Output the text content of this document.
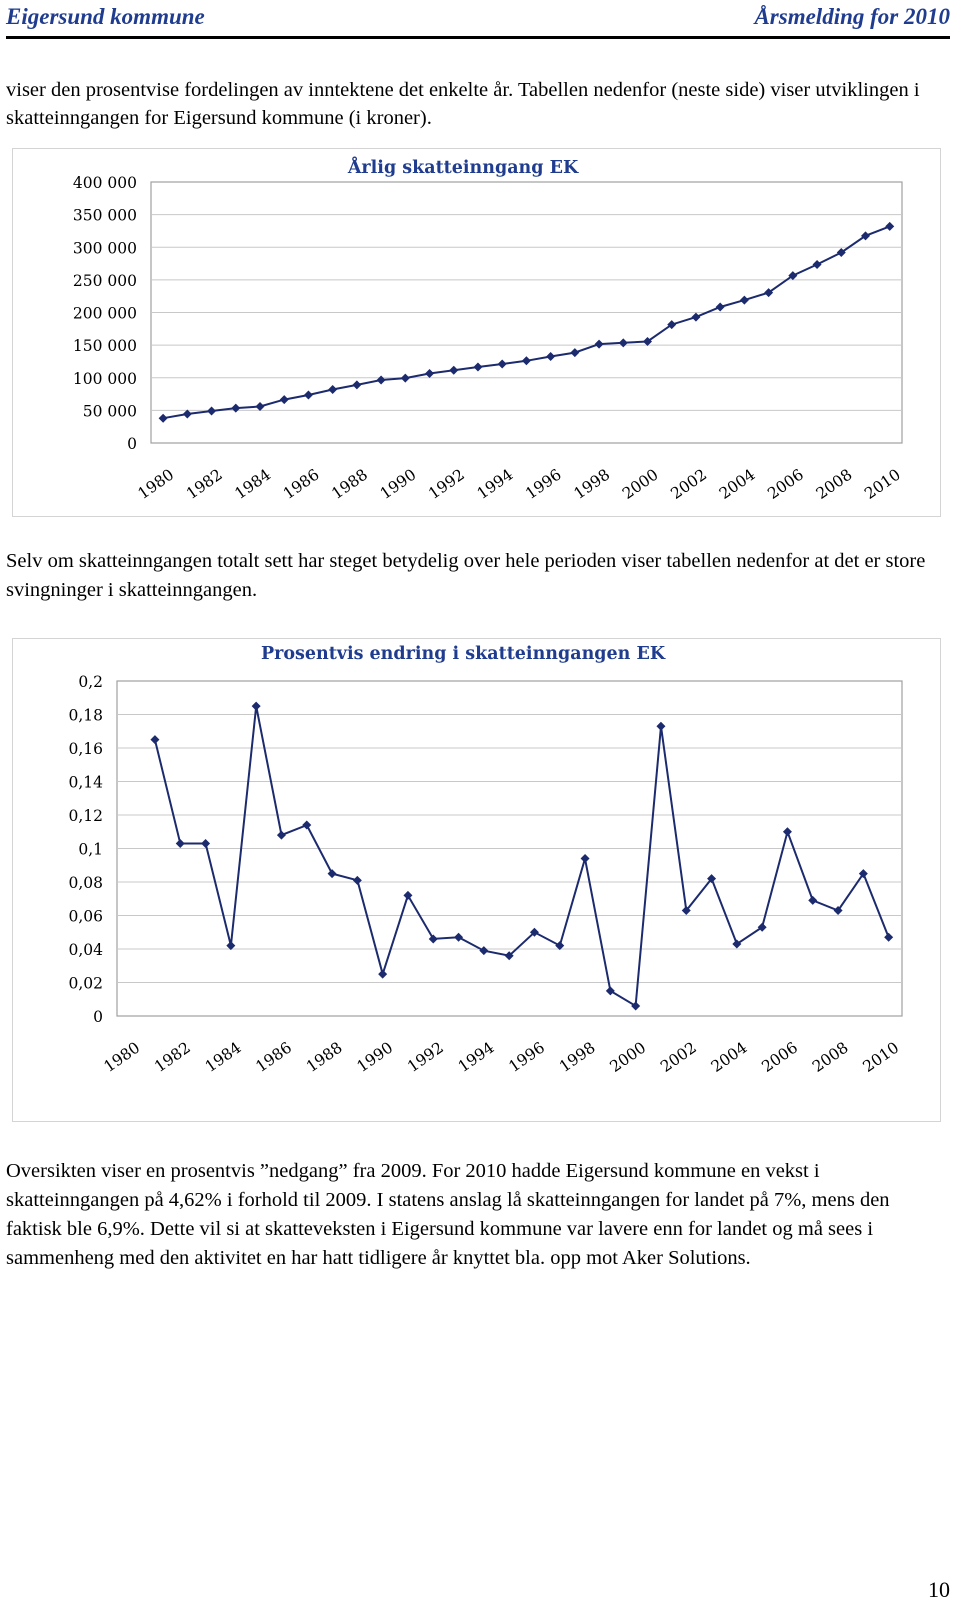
Eigersund kommune	Årsmelding for 2010

viser den prosentvise fordelingen av inntektene det enkelte år. Tabellen nedenfor (neste side) viser utviklingen i skatteinngangen for Eigersund kommune (i kroner).

0
50 000
100 000
150 000
200 000
250 000
300 000
350 000
400 000
1980 1982 1984 1986 1988 1990 1992 1994 1996 1998 2000 2002 2004 2006 2008 2010
Årlig skatteinngang EK

Selv om skatteinngangen totalt sett har steget betydelig over hele perioden viser tabellen nedenfor at det er store svingninger i skatteinngangen.

0
0,02
0,04
0,06
0,08
0,1
0,12
0,14
0,16
0,18
0,2
1980 1982 1984 1986 1988 1990 1992 1994 1996 1998 2000 2002 2004 2006 2008 2010
Prosentvis endring i skatteinngangen EK

Oversikten viser en prosentvis ”nedgang” fra 2009. For 2010 hadde Eigersund kommune en vekst i skatteinngangen på 4,62% i forhold til 2009. I statens anslag lå skatteinngangen for landet på 7%, mens den faktisk ble 6,9%. Dette vil si at skatteveksten i Eigersund kommune var lavere enn for landet og må sees i sammenheng med den aktivitet en har hatt tidligere år knyttet bla. opp mot Aker Solutions.

10
